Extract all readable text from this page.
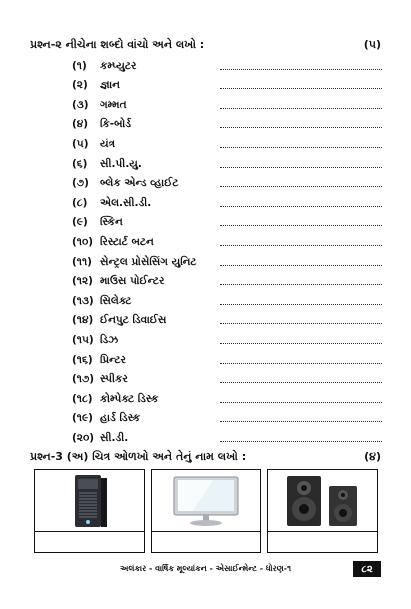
પ્રશ્ન-૨ નીચેના શબ્દો વાંચો અને લખો :	(૫)
(૧)	કમ્પ્યુટર
(૨)	જ્ઞાન
(૩)	ગમ્મત
(૪)	કિ-બોર્ડ
(૫)	યંત્ર
(૬)	સી.પી.યુ.
(૭)	બ્લેક એન્ડ વ્હાઈટ
(૮)	એલ.સી.ડી.
(૯)	સ્કિન
(૧૦) રિસ્ટાર્ટ બટન
(૧૧) સેન્ટ્રલ પ્રોસેસિંગ યુનિટ
(૧૨) માઉસ પોઈન્ટર
(૧૩) સિલેક્ટ
(૧૪) ઈનપુટ ડિવાઈસ
(૧૫) ડિઝ
(૧૬) પ્રિન્ટર
(૧૭) સ્પીકર
(૧૮) કોમ્પેક્ટ ડિસ્ક
(૧૯) હાર્ડ ડિસ્ક
(૨૦) સી.ડી.
પ્રશ્ન-3 (અ) ચિત્ર ઓળખો અને તેનું નામ લખો :	(૪)
અલંકાર - વાર્ષિક મૂલ્યાંકન - એસાઈન્મેન્ટ - ધોરણ-૧	૮૨
